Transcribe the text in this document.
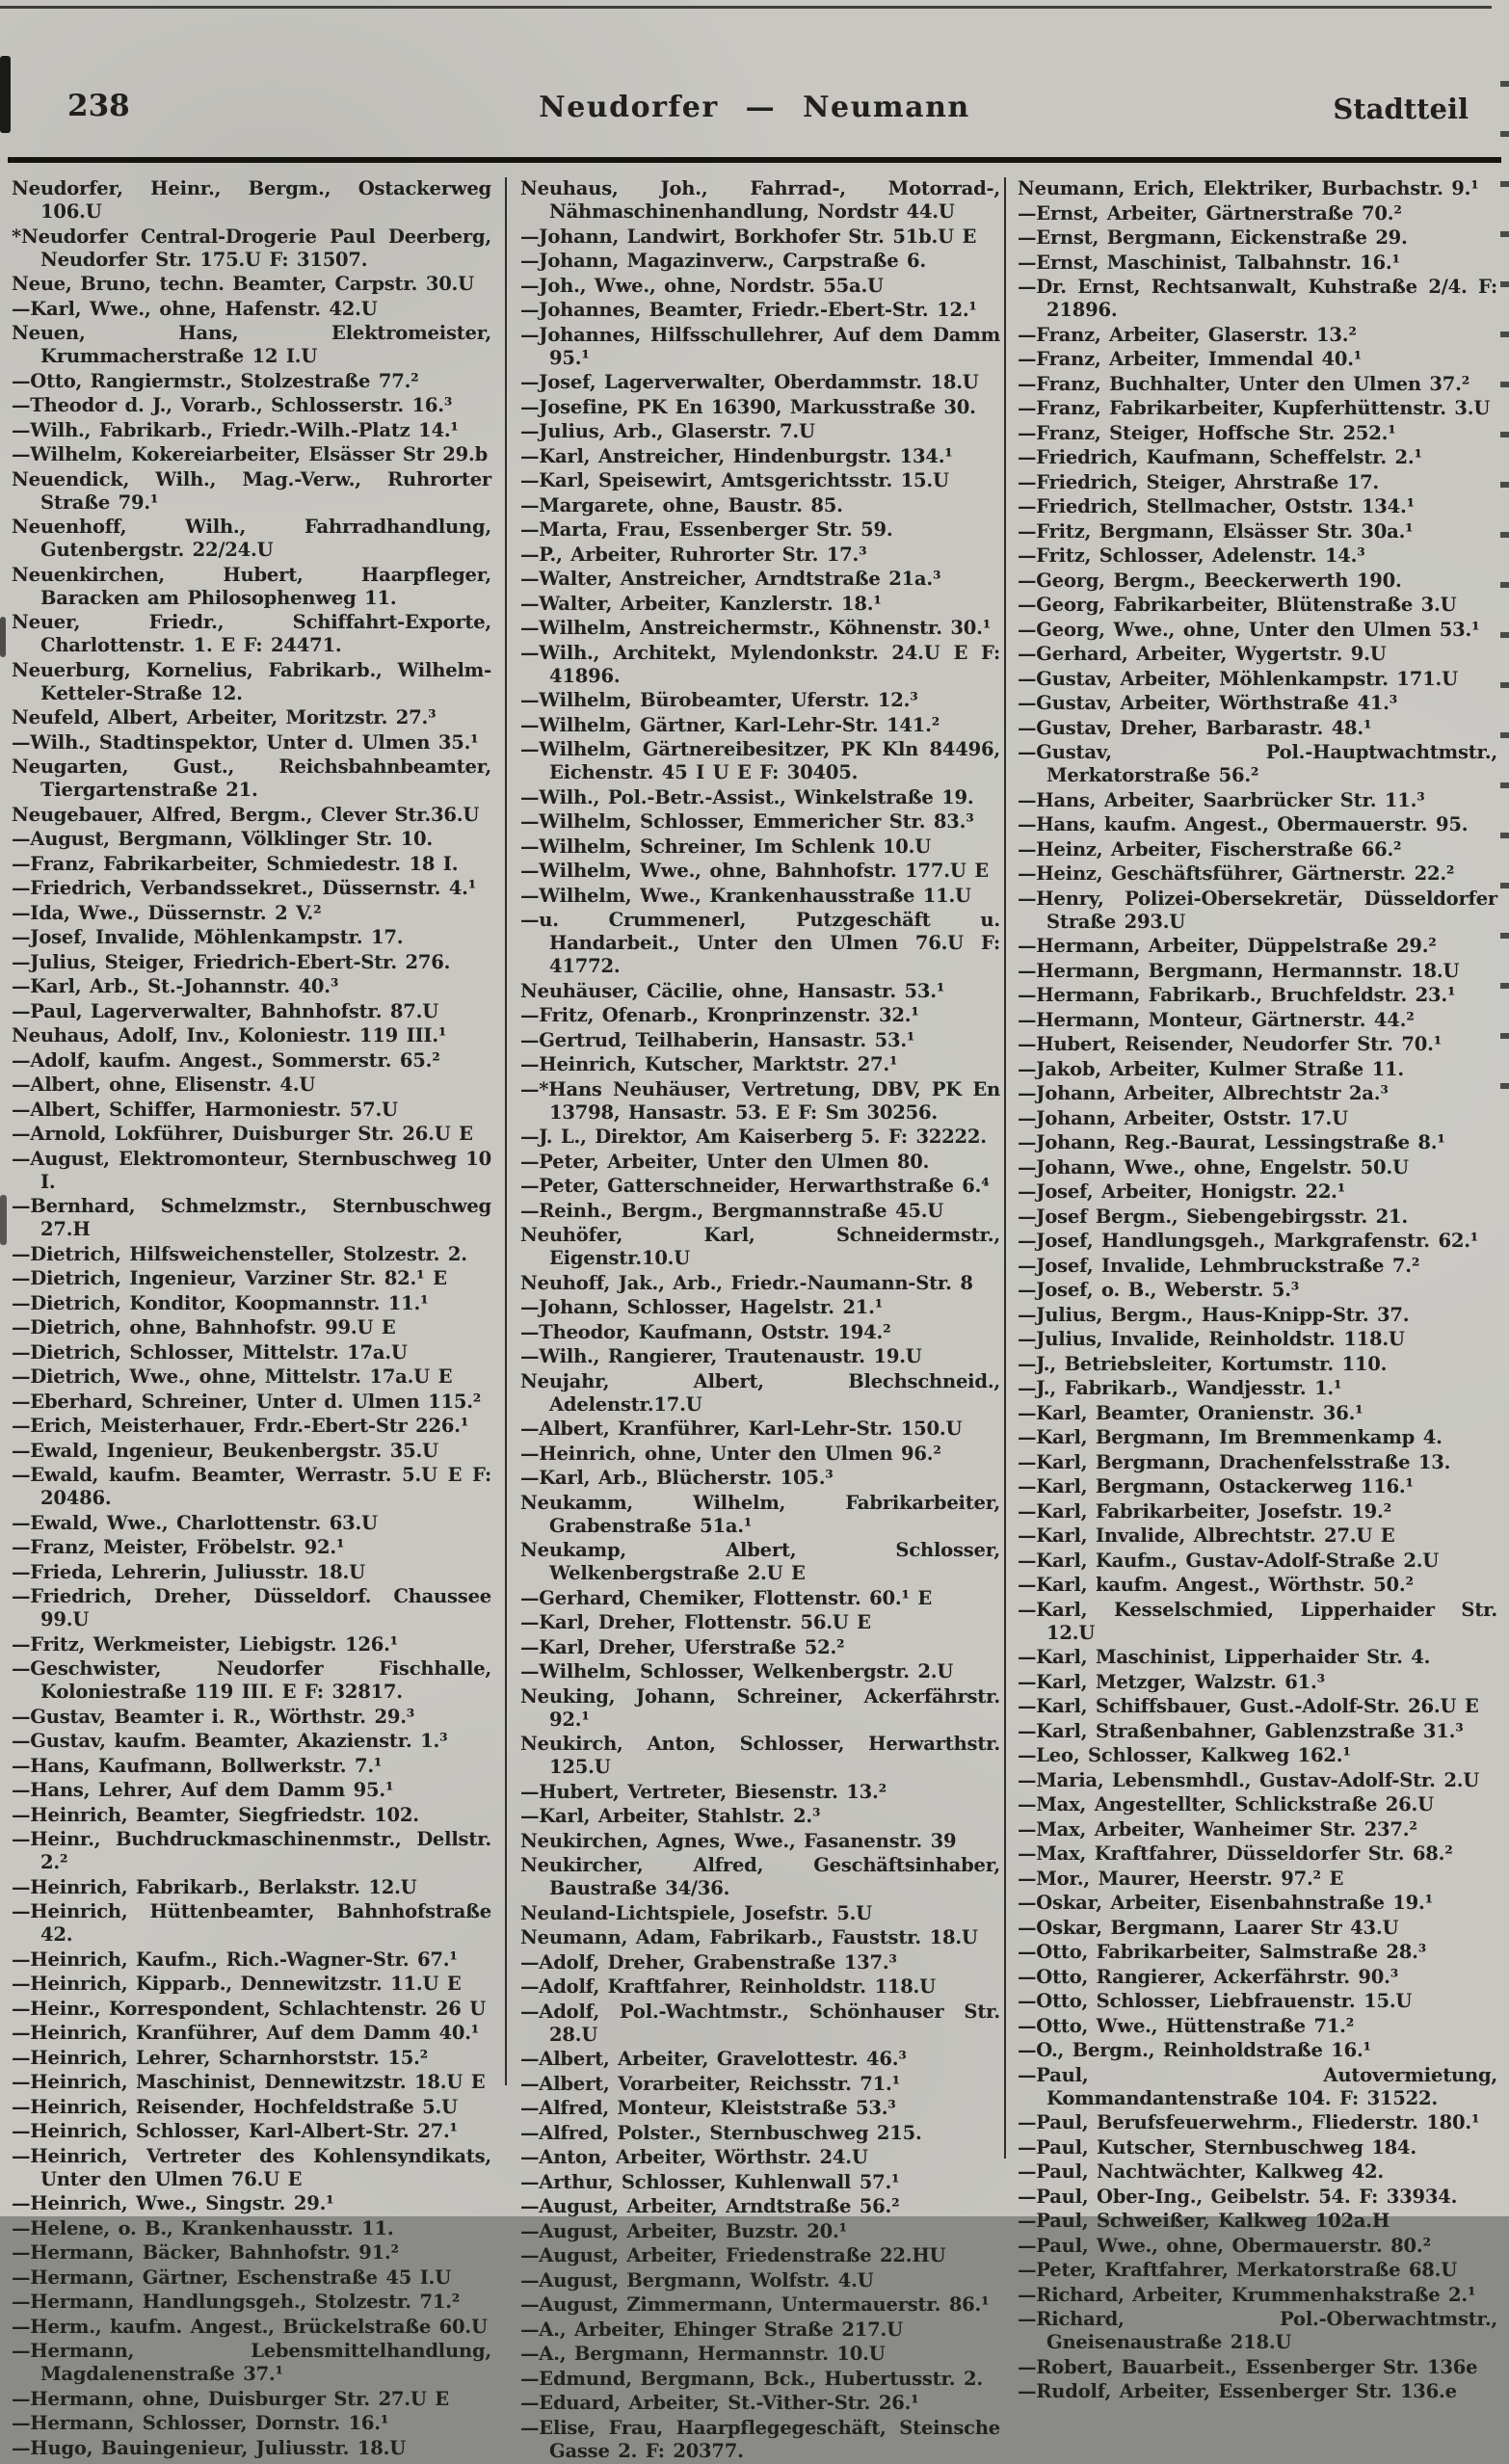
238	Neudorfer — Neumann	Stadtteil
Neudorfer, Heinr., Bergm., Ostackerweg 106.U
*Neudorfer Central-Drogerie Paul Deerberg, Neudorfer Str. 175.U F: 31507.
Neue, Bruno, techn. Beamter, Carpstr. 30.U
—Karl, Wwe., ohne, Hafenstr. 42.U
Neuen, Hans, Elektromeister, Krummacherstraße 12 I.U
—Otto, Rangiermstr., Stolzestraße 77.²
—Theodor d. J., Vorarb., Schlosserstr. 16.³
—Wilh., Fabrikarb., Friedr.-Wilh.-Platz 14.¹
—Wilhelm, Kokereiarbeiter, Elsässer Str 29.b
Neuendick, Wilh., Mag.-Verw., Ruhrorter Straße 79.¹
Neuenhoff, Wilh., Fahrradhandlung, Gutenbergstr. 22/24.U
Neuenkirchen, Hubert, Haarpfleger, Baracken am Philosophenweg 11.
Neuer, Friedr., Schiffahrt-Exporte, Charlottenstr. 1. E F: 24471.
Neuerburg, Kornelius, Fabrikarb., Wilhelm-Ketteler-Straße 12.
Neufeld, Albert, Arbeiter, Moritzstr. 27.³
—Wilh., Stadtinspektor, Unter d. Ulmen 35.¹
Neugarten, Gust., Reichsbahnbeamter, Tiergartenstraße 21.
Neugebauer, Alfred, Bergm., Clever Str.36.U
—August, Bergmann, Völklinger Str. 10.
—Franz, Fabrikarbeiter, Schmiedestr. 18 I.
—Friedrich, Verbandssekret., Düssernstr. 4.¹
—Ida, Wwe., Düssernstr. 2 V.²
—Josef, Invalide, Möhlenkampstr. 17.
—Julius, Steiger, Friedrich-Ebert-Str. 276.
—Karl, Arb., St.-Johannstr. 40.³
—Paul, Lagerverwalter, Bahnhofstr. 87.U
Neuhaus, Adolf, Inv., Koloniestr. 119 III.¹
—Adolf, kaufm. Angest., Sommerstr. 65.²
—Albert, ohne, Elisenstr. 4.U
—Albert, Schiffer, Harmoniestr. 57.U
—Arnold, Lokführer, Duisburger Str. 26.U E
—August, Elektromonteur, Sternbuschweg 10 I.
—Bernhard, Schmelzmstr., Sternbuschweg 27.H
—Dietrich, Hilfsweichensteller, Stolzestr. 2.
—Dietrich, Ingenieur, Varziner Str. 82.¹ E
—Dietrich, Konditor, Koopmannstr. 11.¹
—Dietrich, ohne, Bahnhofstr. 99.U E
—Dietrich, Schlosser, Mittelstr. 17a.U
—Dietrich, Wwe., ohne, Mittelstr. 17a.U E
—Eberhard, Schreiner, Unter d. Ulmen 115.²
—Erich, Meisterhauer, Frdr.-Ebert-Str 226.¹
—Ewald, Ingenieur, Beukenbergstr. 35.U
—Ewald, kaufm. Beamter, Werrastr. 5.U E F: 20486.
—Ewald, Wwe., Charlottenstr. 63.U
—Franz, Meister, Fröbelstr. 92.¹
—Frieda, Lehrerin, Juliusstr. 18.U
—Friedrich, Dreher, Düsseldorf. Chaussee 99.U
—Fritz, Werkmeister, Liebigstr. 126.¹
—Geschwister, Neudorfer Fischhalle, Koloniestraße 119 III. E F: 32817.
—Gustav, Beamter i. R., Wörthstr. 29.³
—Gustav, kaufm. Beamter, Akazienstr. 1.³
—Hans, Kaufmann, Bollwerkstr. 7.¹
—Hans, Lehrer, Auf dem Damm 95.¹
—Heinrich, Beamter, Siegfriedstr. 102.
—Heinr., Buchdruckmaschinenmstr., Dellstr. 2.²
—Heinrich, Fabrikarb., Berlakstr. 12.U
—Heinrich, Hüttenbeamter, Bahnhofstraße 42.
—Heinrich, Kaufm., Rich.-Wagner-Str. 67.¹
—Heinrich, Kipparb., Dennewitzstr. 11.U E
—Heinr., Korrespondent, Schlachtenstr. 26 U
—Heinrich, Kranführer, Auf dem Damm 40.¹
—Heinrich, Lehrer, Scharnhorststr. 15.²
—Heinrich, Maschinist, Dennewitzstr. 18.U E
—Heinrich, Reisender, Hochfeldstraße 5.U
—Heinrich, Schlosser, Karl-Albert-Str. 27.¹
—Heinrich, Vertreter des Kohlensyndikats, Unter den Ulmen 76.U E
—Heinrich, Wwe., Singstr. 29.¹
—Helene, o. B., Krankenhausstr. 11.
—Hermann, Bäcker, Bahnhofstr. 91.²
—Hermann, Gärtner, Eschenstraße 45 I.U
—Hermann, Handlungsgeh., Stolzestr. 71.²
—Herm., kaufm. Angest., Brückelstraße 60.U
—Hermann, Lebensmittelhandlung, Magdalenenstraße 37.¹
—Hermann, ohne, Duisburger Str. 27.U E
—Hermann, Schlosser, Dornstr. 16.¹
—Hugo, Bauingenieur, Juliusstr. 18.U
Neuhaus, Joh., Fahrrad-, Motorrad-, Nähmaschinenhandlung, Nordstr 44.U
—Johann, Landwirt, Borkhofer Str. 51b.U E
—Johann, Magazinverw., Carpstraße 6.
—Joh., Wwe., ohne, Nordstr. 55a.U
—Johannes, Beamter, Friedr.-Ebert-Str. 12.¹
—Johannes, Hilfsschullehrer, Auf dem Damm 95.¹
—Josef, Lagerverwalter, Oberdammstr. 18.U
—Josefine, PK En 16390, Markusstraße 30.
—Julius, Arb., Glaserstr. 7.U
—Karl, Anstreicher, Hindenburgstr. 134.¹
—Karl, Speisewirt, Amtsgerichtsstr. 15.U
—Margarete, ohne, Baustr. 85.
—Marta, Frau, Essenberger Str. 59.
—P., Arbeiter, Ruhrorter Str. 17.³
—Walter, Anstreicher, Arndtstraße 21a.³
—Walter, Arbeiter, Kanzlerstr. 18.¹
—Wilhelm, Anstreichermstr., Köhnenstr. 30.¹
—Wilh., Architekt, Mylendonkstr. 24.U E F: 41896.
—Wilhelm, Bürobeamter, Uferstr. 12.³
—Wilhelm, Gärtner, Karl-Lehr-Str. 141.²
—Wilhelm, Gärtnereibesitzer, PK Kln 84496, Eichenstr. 45 I U E F: 30405.
—Wilh., Pol.-Betr.-Assist., Winkelstraße 19.
—Wilhelm, Schlosser, Emmericher Str. 83.³
—Wilhelm, Schreiner, Im Schlenk 10.U
—Wilhelm, Wwe., ohne, Bahnhofstr. 177.U E
—Wilhelm, Wwe., Krankenhausstraße 11.U
—u. Crummenerl, Putzgeschäft u. Handarbeit., Unter den Ulmen 76.U F: 41772.
Neuhäuser, Cäcilie, ohne, Hansastr. 53.¹
—Fritz, Ofenarb., Kronprinzenstr. 32.¹
—Gertrud, Teilhaberin, Hansastr. 53.¹
—Heinrich, Kutscher, Marktstr. 27.¹
—*Hans Neuhäuser, Vertretung, DBV, PK En 13798, Hansastr. 53. E F: Sm 30256.
—J. L., Direktor, Am Kaiserberg 5. F: 32222.
—Peter, Arbeiter, Unter den Ulmen 80.
—Peter, Gatterschneider, Herwarthstraße 6.⁴
—Reinh., Bergm., Bergmannstraße 45.U
Neuhöfer, Karl, Schneidermstr., Eigenstr.10.U
Neuhoff, Jak., Arb., Friedr.-Naumann-Str. 8
—Johann, Schlosser, Hagelstr. 21.¹
—Theodor, Kaufmann, Oststr. 194.²
—Wilh., Rangierer, Trautenaustr. 19.U
Neujahr, Albert, Blechschneid., Adelenstr.17.U
—Albert, Kranführer, Karl-Lehr-Str. 150.U
—Heinrich, ohne, Unter den Ulmen 96.²
—Karl, Arb., Blücherstr. 105.³
Neukamm, Wilhelm, Fabrikarbeiter, Grabenstraße 51a.¹
Neukamp, Albert, Schlosser, Welkenbergstraße 2.U E
—Gerhard, Chemiker, Flottenstr. 60.¹ E
—Karl, Dreher, Flottenstr. 56.U E
—Karl, Dreher, Uferstraße 52.²
—Wilhelm, Schlosser, Welkenbergstr. 2.U
Neuking, Johann, Schreiner, Ackerfährstr. 92.¹
Neukirch, Anton, Schlosser, Herwarthstr. 125.U
—Hubert, Vertreter, Biesenstr. 13.²
—Karl, Arbeiter, Stahlstr. 2.³
Neukirchen, Agnes, Wwe., Fasanenstr. 39
Neukircher, Alfred, Geschäftsinhaber, Baustraße 34/36.
Neuland-Lichtspiele, Josefstr. 5.U
Neumann, Adam, Fabrikarb., Fauststr. 18.U
—Adolf, Dreher, Grabenstraße 137.³
—Adolf, Kraftfahrer, Reinholdstr. 118.U
—Adolf, Pol.-Wachtmstr., Schönhauser Str. 28.U
—Albert, Arbeiter, Gravelottestr. 46.³
—Albert, Vorarbeiter, Reichsstr. 71.¹
—Alfred, Monteur, Kleiststraße 53.³
—Alfred, Polster., Sternbuschweg 215.
—Anton, Arbeiter, Wörthstr. 24.U
—Arthur, Schlosser, Kuhlenwall 57.¹
—August, Arbeiter, Arndtstraße 56.²
—August, Arbeiter, Buzstr. 20.¹
—August, Arbeiter, Friedenstraße 22.HU
—August, Bergmann, Wolfstr. 4.U
—August, Zimmermann, Untermauerstr. 86.¹
—A., Arbeiter, Ehinger Straße 217.U
—A., Bergmann, Hermannstr. 10.U
—Edmund, Bergmann, Bck., Hubertusstr. 2.
—Eduard, Arbeiter, St.-Vither-Str. 26.¹
—Elise, Frau, Haarpflegegeschäft, Steinsche Gasse 2. F: 20377.
Neumann, Erich, Elektriker, Burbachstr. 9.¹
—Ernst, Arbeiter, Gärtnerstraße 70.²
—Ernst, Bergmann, Eickenstraße 29.
—Ernst, Maschinist, Talbahnstr. 16.¹
—Dr. Ernst, Rechtsanwalt, Kuhstraße 2/4. F: 21896.
—Franz, Arbeiter, Glaserstr. 13.²
—Franz, Arbeiter, Immendal 40.¹
—Franz, Buchhalter, Unter den Ulmen 37.²
—Franz, Fabrikarbeiter, Kupferhüttenstr. 3.U
—Franz, Steiger, Hoffsche Str. 252.¹
—Friedrich, Kaufmann, Scheffelstr. 2.¹
—Friedrich, Steiger, Ahrstraße 17.
—Friedrich, Stellmacher, Oststr. 134.¹
—Fritz, Bergmann, Elsässer Str. 30a.¹
—Fritz, Schlosser, Adelenstr. 14.³
—Georg, Bergm., Beeckerwerth 190.
—Georg, Fabrikarbeiter, Blütenstraße 3.U
—Georg, Wwe., ohne, Unter den Ulmen 53.¹
—Gerhard, Arbeiter, Wygertstr. 9.U
—Gustav, Arbeiter, Möhlenkampstr. 171.U
—Gustav, Arbeiter, Wörthstraße 41.³
—Gustav, Dreher, Barbarastr. 48.¹
—Gustav, Pol.-Hauptwachtmstr., Merkatorstraße 56.²
—Hans, Arbeiter, Saarbrücker Str. 11.³
—Hans, kaufm. Angest., Obermauerstr. 95.
—Heinz, Arbeiter, Fischerstraße 66.²
—Heinz, Geschäftsführer, Gärtnerstr. 22.²
—Henry, Polizei-Obersekretär, Düsseldorfer Straße 293.U
—Hermann, Arbeiter, Düppelstraße 29.²
—Hermann, Bergmann, Hermannstr. 18.U
—Hermann, Fabrikarb., Bruchfeldstr. 23.¹
—Hermann, Monteur, Gärtnerstr. 44.²
—Hubert, Reisender, Neudorfer Str. 70.¹
—Jakob, Arbeiter, Kulmer Straße 11.
—Johann, Arbeiter, Albrechtstr 2a.³
—Johann, Arbeiter, Oststr. 17.U
—Johann, Reg.-Baurat, Lessingstraße 8.¹
—Johann, Wwe., ohne, Engelstr. 50.U
—Josef, Arbeiter, Honigstr. 22.¹
—Josef Bergm., Siebengebirgsstr. 21.
—Josef, Handlungsgeh., Markgrafenstr. 62.¹
—Josef, Invalide, Lehmbruckstraße 7.²
—Josef, o. B., Weberstr. 5.³
—Julius, Bergm., Haus-Knipp-Str. 37.
—Julius, Invalide, Reinholdstr. 118.U
—J., Betriebsleiter, Kortumstr. 110.
—J., Fabrikarb., Wandjesstr. 1.¹
—Karl, Beamter, Oranienstr. 36.¹
—Karl, Bergmann, Im Bremmenkamp 4.
—Karl, Bergmann, Drachenfelsstraße 13.
—Karl, Bergmann, Ostackerweg 116.¹
—Karl, Fabrikarbeiter, Josefstr. 19.²
—Karl, Invalide, Albrechtstr. 27.U E
—Karl, Kaufm., Gustav-Adolf-Straße 2.U
—Karl, kaufm. Angest., Wörthstr. 50.²
—Karl, Kesselschmied, Lipperhaider Str. 12.U
—Karl, Maschinist, Lipperhaider Str. 4.
—Karl, Metzger, Walzstr. 61.³
—Karl, Schiffsbauer, Gust.-Adolf-Str. 26.U E
—Karl, Straßenbahner, Gablenzstraße 31.³
—Leo, Schlosser, Kalkweg 162.¹
—Maria, Lebensmhdl., Gustav-Adolf-Str. 2.U
—Max, Angestellter, Schlickstraße 26.U
—Max, Arbeiter, Wanheimer Str. 237.²
—Max, Kraftfahrer, Düsseldorfer Str. 68.²
—Mor., Maurer, Heerstr. 97.² E
—Oskar, Arbeiter, Eisenbahnstraße 19.¹
—Oskar, Bergmann, Laarer Str 43.U
—Otto, Fabrikarbeiter, Salmstraße 28.³
—Otto, Rangierer, Ackerfährstr. 90.³
—Otto, Schlosser, Liebfrauenstr. 15.U
—Otto, Wwe., Hüttenstraße 71.²
—O., Bergm., Reinholdstraße 16.¹
—Paul, Autovermietung, Kommandantenstraße 104. F: 31522.
—Paul, Berufsfeuerwehrm., Fliederstr. 180.¹
—Paul, Kutscher, Sternbuschweg 184.
—Paul, Nachtwächter, Kalkweg 42.
—Paul, Ober-Ing., Geibelstr. 54. F: 33934.
—Paul, Schweißer, Kalkweg 102a.H
—Paul, Wwe., ohne, Obermauerstr. 80.²
—Peter, Kraftfahrer, Merkatorstraße 68.U
—Richard, Arbeiter, Krummenhakstraße 2.¹
—Richard, Pol.-Oberwachtmstr., Gneisenaustraße 218.U
—Robert, Bauarbeit., Essenberger Str. 136e
—Rudolf, Arbeiter, Essenberger Str. 136.e
